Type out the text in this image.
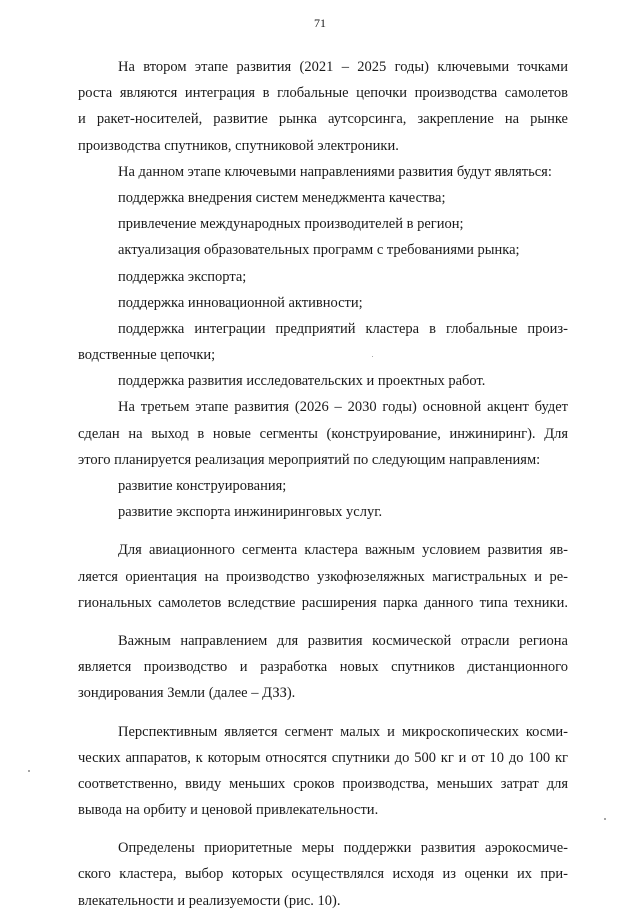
71
На втором этапе развития (2021 – 2025 годы) ключевыми точками
роста являются интеграция в глобальные цепочки производства самолетов
и ракет-носителей, развитие рынка аутсорсинга, закрепление на рынке
производства спутников, спутниковой электроники.
На данном этапе ключевыми направлениями развития будут являться:
поддержка внедрения систем менеджмента качества;
привлечение международных производителей в регион;
актуализация образовательных программ с требованиями рынка;
поддержка экспорта;
поддержка инновационной активности;
поддержка интеграции предприятий кластера в глобальные произ-
водственные цепочки;
поддержка развития исследовательских и проектных работ.
На третьем этапе развития (2026 – 2030 годы) основной акцент будет
сделан на выход в новые сегменты (конструирование, инжиниринг). Для
этого планируется реализация мероприятий по следующим направлениям:
развитие конструирования;
развитие экспорта инжиниринговых услуг.
Для авиационного сегмента кластера важным условием развития яв-
ляется ориентация на производство узкофюзеляжных магистральных и ре-
гиональных самолетов вследствие расширения парка данного типа техники.
Важным направлением для развития космической отрасли региона
является производство и разработка новых спутников дистанционного
зондирования Земли (далее – ДЗЗ).
Перспективным является сегмент малых и микроскопических косми-
ческих аппаратов, к которым относятся спутники до 500 кг и от 10 до 100 кг
соответственно, ввиду меньших сроков производства, меньших затрат для
вывода на орбиту и ценовой привлекательности.
Определены приоритетные меры поддержки развития аэрокосмиче-
ского кластера, выбор которых осуществлялся исходя из оценки их при-
влекательности и реализуемости (рис. 10).
